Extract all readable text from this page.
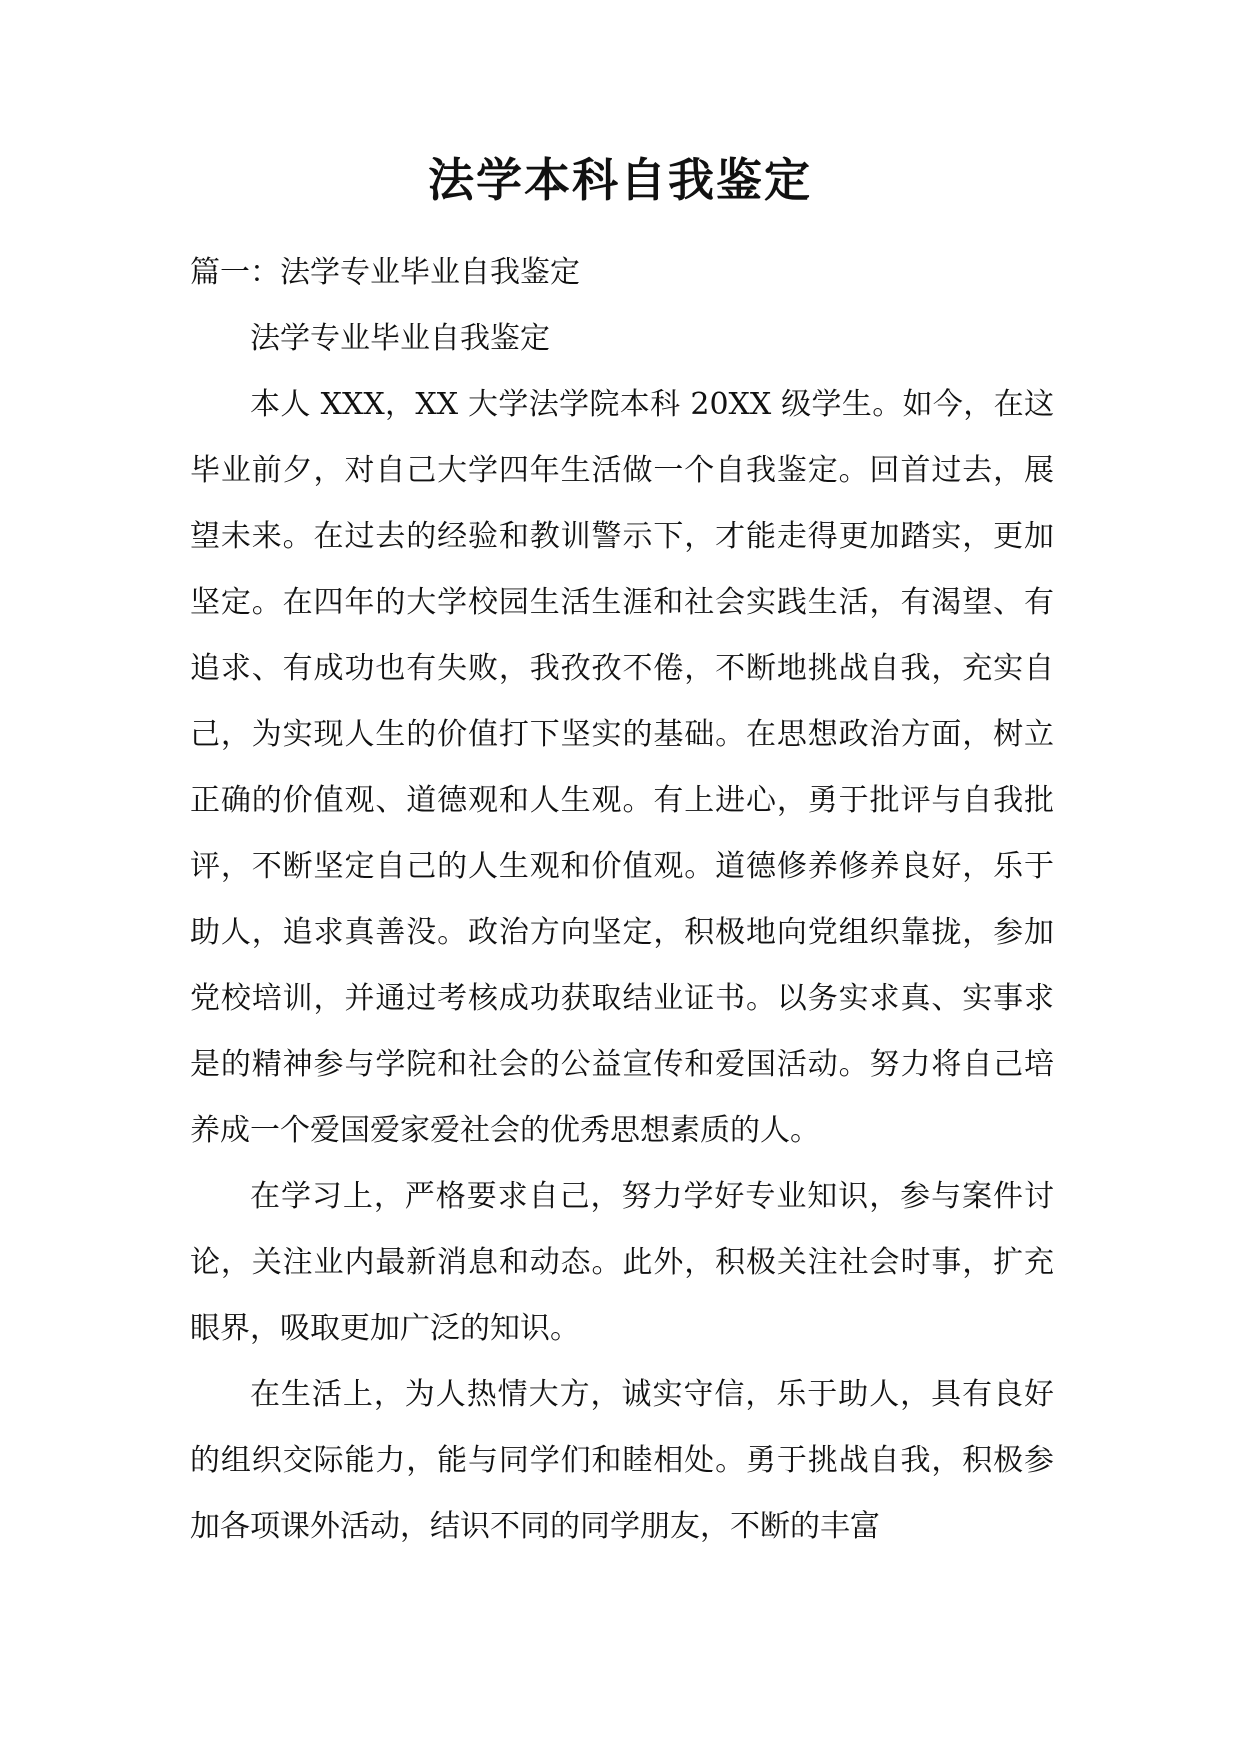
法学本科自我鉴定

篇一：法学专业毕业自我鉴定

法学专业毕业自我鉴定

本人 XXX，XX 大学法学院本科 20XX 级学生。如今，在这毕业前夕，对自己大学四年生活做一个自我鉴定。回首过去，展望未来。在过去的经验和教训警示下，才能走得更加踏实，更加坚定。在四年的大学校园生活生涯和社会实践生活，有渴望、有追求、有成功也有失败，我孜孜不倦，不断地挑战自我，充实自己，为实现人生的价值打下坚实的基础。在思想政治方面，树立正确的价值观、道德观和人生观。有上进心，勇于批评与自我批评，不断坚定自己的人生观和价值观。道德修养修养良好，乐于助人，追求真善没。政治方向坚定，积极地向党组织靠拢，参加党校培训，并通过考核成功获取结业证书。以务实求真、实事求是的精神参与学院和社会的公益宣传和爱国活动。努力将自己培养成一个爱国爱家爱社会的优秀思想素质的人。

在学习上，严格要求自己，努力学好专业知识，参与案件讨论，关注业内最新消息和动态。此外，积极关注社会时事，扩充眼界，吸取更加广泛的知识。

在生活上，为人热情大方，诚实守信，乐于助人，具有良好的组织交际能力，能与同学们和睦相处。勇于挑战自我，积极参加各项课外活动，结识不同的同学朋友，不断的丰富
